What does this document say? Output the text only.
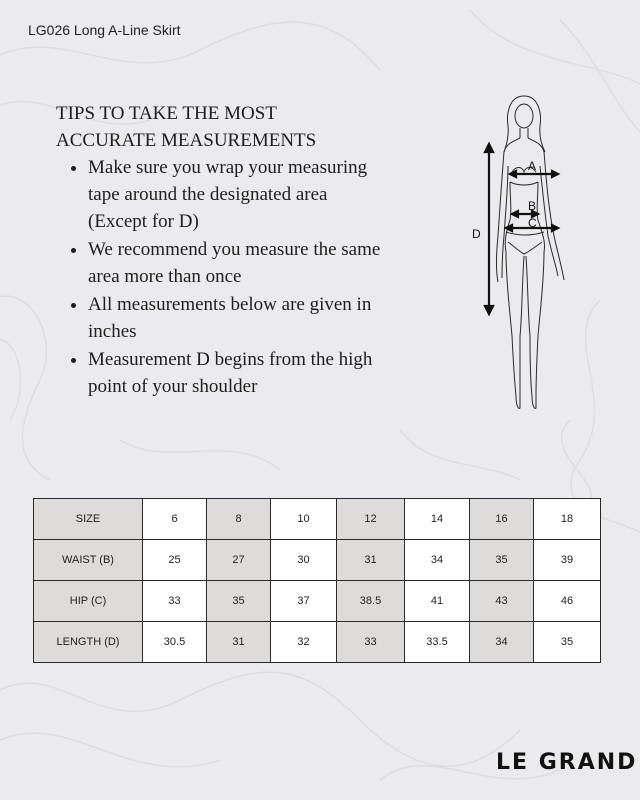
LG026 Long A-Line Skirt
TIPS TO TAKE THE MOST
ACCURATE MEASUREMENTS
• Make sure you wrap your measuring tape around the designated area (Except for D)
• We recommend you measure the same area more than once
• All measurements below are given in inches
• Measurement D begins from the high point of your shoulder
A
B
C
D
SIZE	6	8	10	12	14	16	18
WAIST (B)	25	27	30	31	34	35	39
HIP (C)	33	35	37	38.5	41	43	46
LENGTH (D)	30.5	31	32	33	33.5	34	35
LE GRAND
